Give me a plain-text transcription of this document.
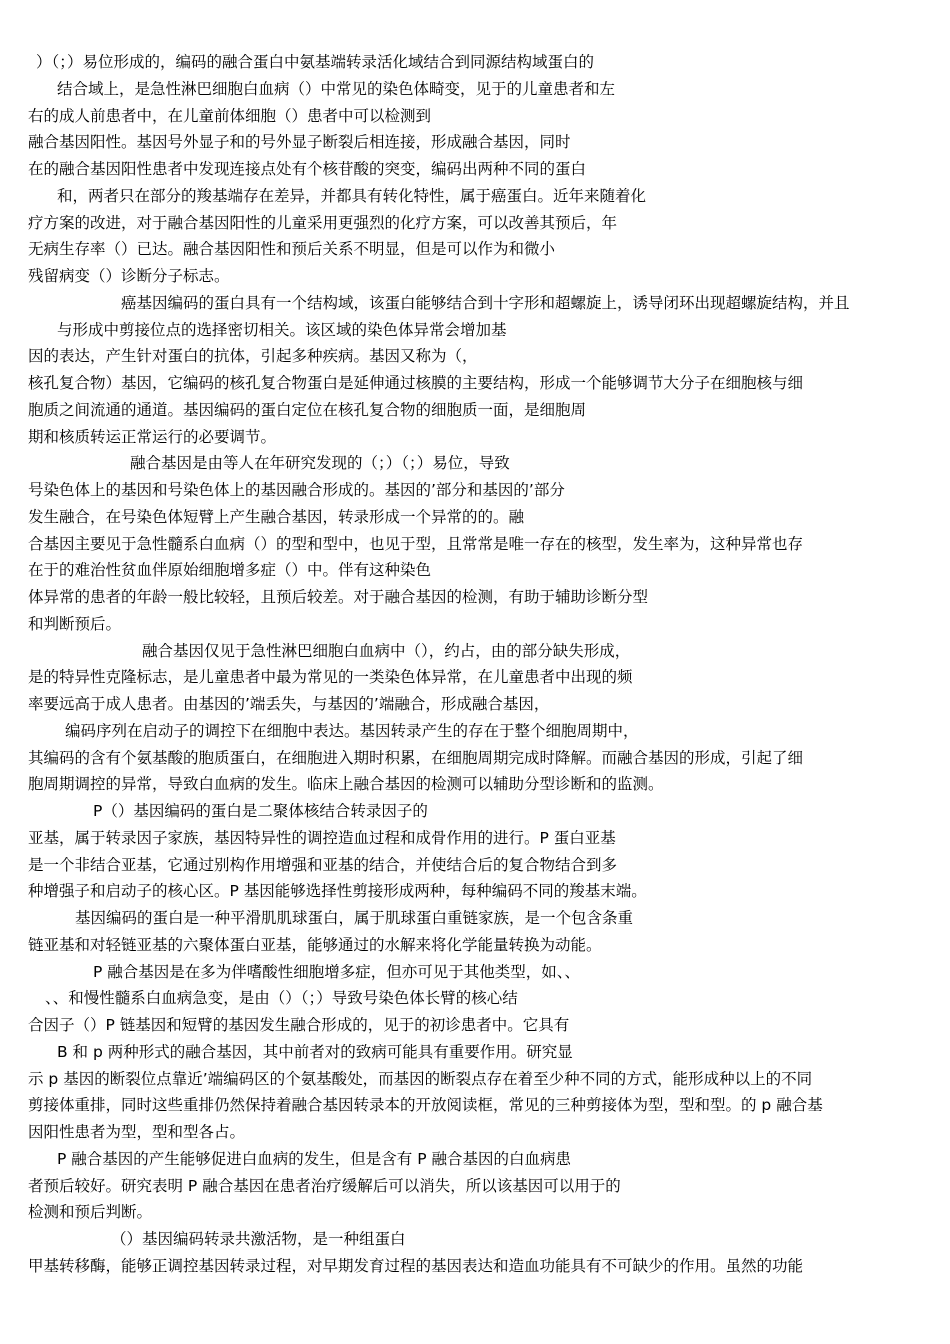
）（；）易位形成的，编码的融合蛋白中氨基端转录活化域结合到同源结构域蛋白的
结合域上，是急性淋巴细胞白血病（）中常见的染色体畸变，见于的儿童患者和左
右的成人前患者中，在儿童前体细胞（）患者中可以检测到
融合基因阳性。基因号外显子和的号外显子断裂后相连接，形成融合基因，同时
在的融合基因阳性患者中发现连接点处有个核苷酸的突变，编码出两种不同的蛋白
和，两者只在部分的羧基端存在差异，并都具有转化特性，属于癌蛋白。近年来随着化
疗方案的改进，对于融合基因阳性的儿童采用更强烈的化疗方案，可以改善其预后，年
无病生存率（）已达。融合基因阳性和预后关系不明显，但是可以作为和微小
残留病变（）诊断分子标志。
癌基因编码的蛋白具有一个结构域，该蛋白能够结合到十字形和超螺旋上，诱导闭环出现超螺旋结构，并且
与形成中剪接位点的选择密切相关。该区域的染色体异常会增加基
因的表达，产生针对蛋白的抗体，引起多种疾病。基因又称为（，
核孔复合物）基因，它编码的核孔复合物蛋白是延伸通过核膜的主要结构，形成一个能够调节大分子在细胞核与细
胞质之间流通的通道。基因编码的蛋白定位在核孔复合物的细胞质一面，是细胞周
期和核质转运正常运行的必要调节。
融合基因是由等人在年研究发现的（；）（；）易位，导致
号染色体上的基因和号染色体上的基因融合形成的。基因的’部分和基因的’部分
发生融合，在号染色体短臂上产生融合基因，转录形成一个异常的的。融
合基因主要见于急性髓系白血病（）的型和型中，也见于型，且常常是唯一存在的核型，发生率为，这种异常也存
在于的难治性贫血伴原始细胞增多症（）中。伴有这种染色
体异常的患者的年龄一般比较轻，且预后较差。对于融合基因的检测，有助于辅助诊断分型
和判断预后。
融合基因仅见于急性淋巴细胞白血病中（），约占，由的部分缺失形成，
是的特异性克隆标志，是儿童患者中最为常见的一类染色体异常，在儿童患者中出现的频
率要远高于成人患者。由基因的’端丢失，与基因的’端融合，形成融合基因，
编码序列在启动子的调控下在细胞中表达。基因转录产生的存在于整个细胞周期中，
其编码的含有个氨基酸的胞质蛋白，在细胞进入期时积累，在细胞周期完成时降解。而融合基因的形成，引起了细
胞周期调控的异常，导致白血病的发生。临床上融合基因的检测可以辅助分型诊断和的监测。
P（）基因编码的蛋白是二聚体核结合转录因子的
亚基，属于转录因子家族，基因特异性的调控造血过程和成骨作用的进行。P 蛋白亚基
是一个非结合亚基，它通过别构作用增强和亚基的结合，并使结合后的复合物结合到多
种增强子和启动子的核心区。P 基因能够选择性剪接形成两种，每种编码不同的羧基末端。
基因编码的蛋白是一种平滑肌肌球蛋白，属于肌球蛋白重链家族，是一个包含条重
链亚基和对轻链亚基的六聚体蛋白亚基，能够通过的水解来将化学能量转换为动能。
P 融合基因是在多为伴嗜酸性细胞增多症，但亦可见于其他类型，如、、
、、和慢性髓系白血病急变，是由（）（；）导致号染色体长臂的核心结
合因子（）P 链基因和短臂的基因发生融合形成的，见于的初诊患者中。它具有
B 和 p 两种形式的融合基因，其中前者对的致病可能具有重要作用。研究显
示 p 基因的断裂位点靠近’端编码区的个氨基酸处，而基因的断裂点存在着至少种不同的方式，能形成种以上的不同
剪接体重排，同时这些重排仍然保持着融合基因转录本的开放阅读框，常见的三种剪接体为型，型和型。的 p 融合基
因阳性患者为型，型和型各占。
P 融合基因的产生能够促进白血病的发生，但是含有 P 融合基因的白血病患
者预后较好。研究表明 P 融合基因在患者治疗缓解后可以消失，所以该基因可以用于的
检测和预后判断。
（）基因编码转录共激活物，是一种组蛋白
甲基转移酶，能够正调控基因转录过程，对早期发育过程的基因表达和造血功能具有不可缺少的作用。虽然的功能
